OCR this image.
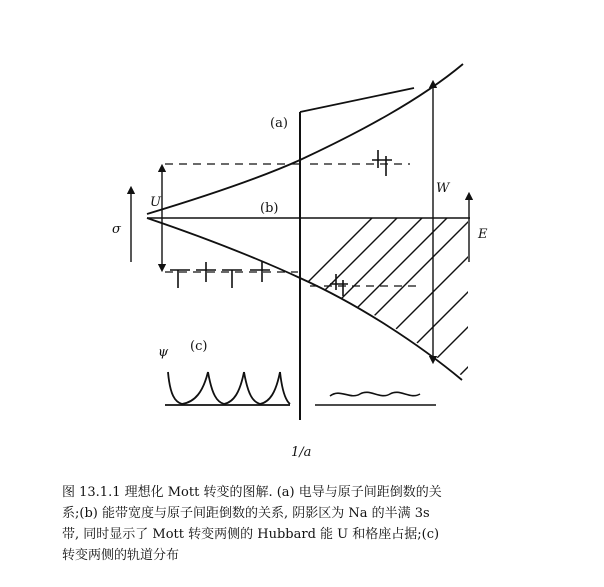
(a)
(b)
(c)
U
W
σ	E
ψ
1/a
图 13.1.1 理想化 Mott 转变的图解. (a) 电导与原子间距倒数的关
系;(b) 能带宽度与原子间距倒数的关系, 阴影区为 Na 的半满 3s
带, 同时显示了 Mott 转变两侧的 Hubbard 能 U 和格座占据;(c)
转变两侧的轨道分布
